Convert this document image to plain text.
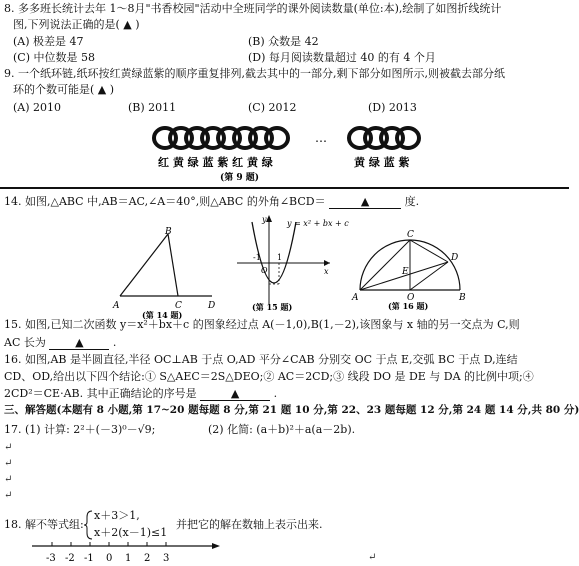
8. 多多班长统计去年 1～8月"书香校园"活动中全班同学的课外阅读数量(单位:本),绘制了如图折线统计
图,下列说法正确的是( ▲ )
(A) 极差是 47	(B) 众数是 42
(C) 中位数是 58	(D) 每月阅读数量超过 40 的有 4 个月
9. 一个纸环链,纸环按红黄绿蓝紫的顺序重复排列,截去其中的一部分,剩下部分如图所示,则被截去部分纸
环的个数可能是( ▲ )
(A) 2010	(B) 2011	(C) 2012	(D) 2013
…
红 黄 绿 蓝 紫 红 黄 绿	黄 绿 蓝 紫
(第 9 题)
14. 如图,△ABC 中,AB＝AC,∠A＝40°,则△ABC 的外角∠BCD＝	▲	度.
B
A	C	D
(第 14 题)
y = x² + bx + c
y
x
O
-1 1
(第 15 题)
C
D
E
A	O	B
(第 16 题)
15. 如图,已知二次函数 y＝x²＋bx＋c 的图象经过点 A(－1,0),B(1,－2),该图象与 x 轴的另一交点为 C,则
AC 长为	▲	.
16. 如图,AB 是半圆直径,半径 OC⊥AB 于点 O,AD 平分∠CAB 分别交 OC 于点 E,交弧 BC 于点 D,连结
CD、OD,给出以下四个结论:① S△AEC＝2S△DEO;② AC＝2CD;③ 线段 DO 是 DE 与 DA 的比例中项;④
2CD²＝CE·AB. 其中正确结论的序号是	▲	.
三、解答题(本题有 8 小题,第 17~20 题每题 8 分,第 21 题 10 分,第 22、23 题每题 12 分,第 24 题 14 分,共 80 分)
17. (1) 计算: 2²＋(－3)⁰－√9;	(2) 化简: (a＋b)²＋a(a－2b).
↵
↵
↵
↵
18. 解不等式组:
x＋3＞1,
x＋2(x－1)≤1
并把它的解在数轴上表示出来.
-3 -2 -1 0 1 2 3	↵
